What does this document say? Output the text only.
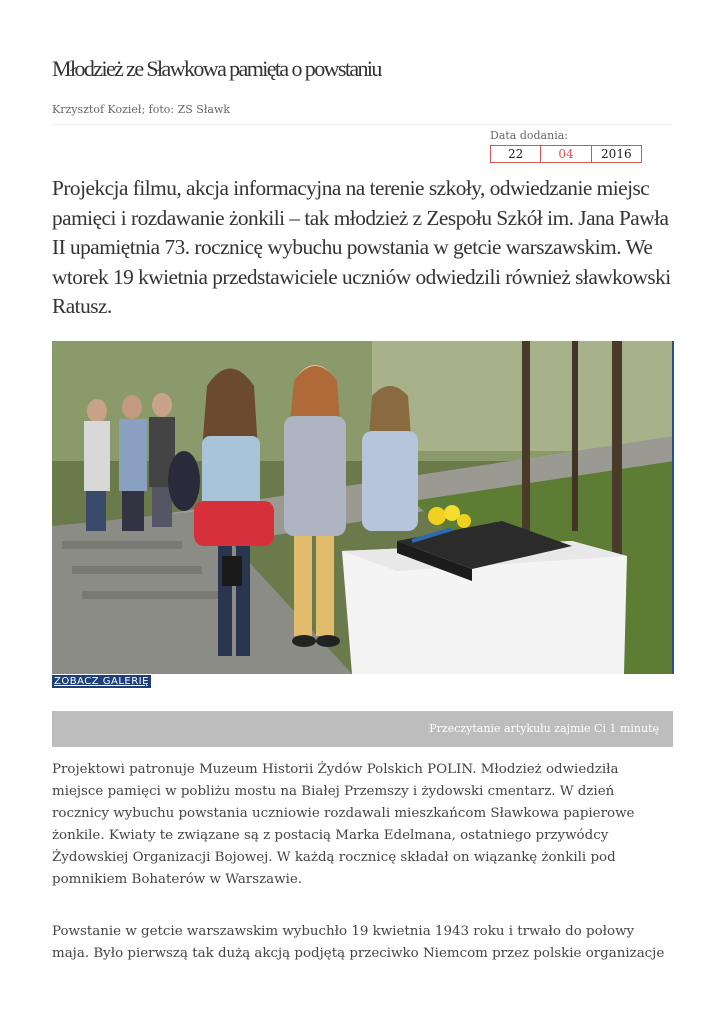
Młodzież ze Sławkowa pamięta o powstaniu
Krzysztof Kozieł; foto: ZS Sławk
Data dodania:
22	04	2016
Projekcja filmu, akcja informacyjna na terenie szkoły, odwiedzanie miejsc pamięci i rozdawanie żonkili – tak młodzież z Zespołu Szkół im. Jana Pawła II upamiętnia 73. rocznicę wybuchu powstania w getcie warszawskim. We wtorek 19 kwietnia przedstawiciele uczniów odwiedzili również sławkowski Ratusz.
ZOBACZ GALERIĘ
Przeczytanie artykułu zajmie Ci 1 minutę

Projektowi patronuje Muzeum Historii Żydów Polskich POLIN. Młodzież odwiedziła miejsce pamięci w pobliżu mostu na Białej Przemszy i żydowski cmentarz. W dzień rocznicy wybuchu powstania uczniowie rozdawali mieszkańcom Sławkowa papierowe żonkile. Kwiaty te związane są z postacią Marka Edelmana, ostatniego przywódcy Żydowskiej Organizacji Bojowej. W każdą rocznicę składał on wiązankę żonkili pod pomnikiem Bohaterów w Warszawie.

Powstanie w getcie warszawskim wybuchło 19 kwietnia 1943 roku i trwało do połowy maja. Było pierwszą tak dużą akcją podjętą przeciwko Niemcom przez polskie organizacje
